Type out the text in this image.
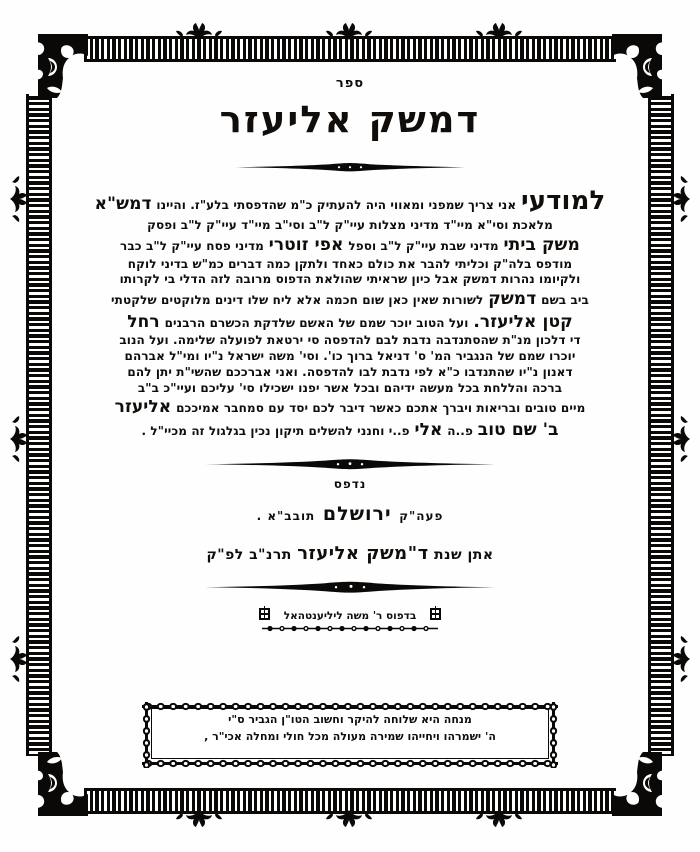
ספר
דמשק אליעזר

למודעי אני צריך שמפני ומאווי היה להעתיק כ"מ שהדפסתי בלע"ז. והיינו דמש"א
מלאכת וסי"א מיי"ד מדיני מצלות עיי"ק ל"ב וסי"ב מיי"ד עיי"ק ל"ב ופסק
משק ביתי מדיני שבת עיי"ק ל"ב וספל אפי זוטרי מדיני פסח עיי"ק ל"ב כבר
מודפס בלה"ק וכליתי להבר את כולם כאחד ולתקן כמה דברים כמ"ש בדיני לוקח
ולקיומו נהרות דמשק אבל כיון שראיתי שהולאת הדפוס מרובה לזה הדלי בי לקרותו
ביב בשם דמשק לשורות שאין כאן שום חכמה אלא ליח שלו דינים מלוקטים שלקטתי
קטן אליעזר. ועל הטוב יוכר שמם של האשם שלדקת הכשרם הרבנים רחל
די דלכון מנ"ת שהסתנדבה נדבת לבם להדפסה סי ירטאת לפועלה שלימה. ועל הנוב
יוכרו שמם של הנגביר המ' ס' דניאל ברוך כו'. וסי' משה ישראל נ"יו ומי"ל אברהם
דאנון נ"יו שהתנדבו כ"א לפי נדבת לבו להדפסה. ואני אברככם שהשי"ת יתן להם
ברכה והללחת בכל מעשה ידיהם ובכל אשר יפנו ישכילו סי' עליכם ועיי"כ ב"ב
מיים טובים ובריאות ויברך אתכם כאשר דיבר לכם יסד עם סמחבר אמיככם אליעזר
ב' שם טוב פ..ה אלי פ..י וחנני להשלים תיקון נכין בגלגול זה מכיי"ל .

נדפס
פעה"ק ירושלם תובב"א .
אתן שנת ד"משק אליעזר תרנ"ב לפ"ק
בדפוס ר' משה ליליענטהאל
מנחה היא שלוחה להיקר וחשוב הטו"ן הגביר ס"י
ה' ישמרהו ויחייהו שמירה מעולה מכל חולי ומחלה אכי"ר ,
